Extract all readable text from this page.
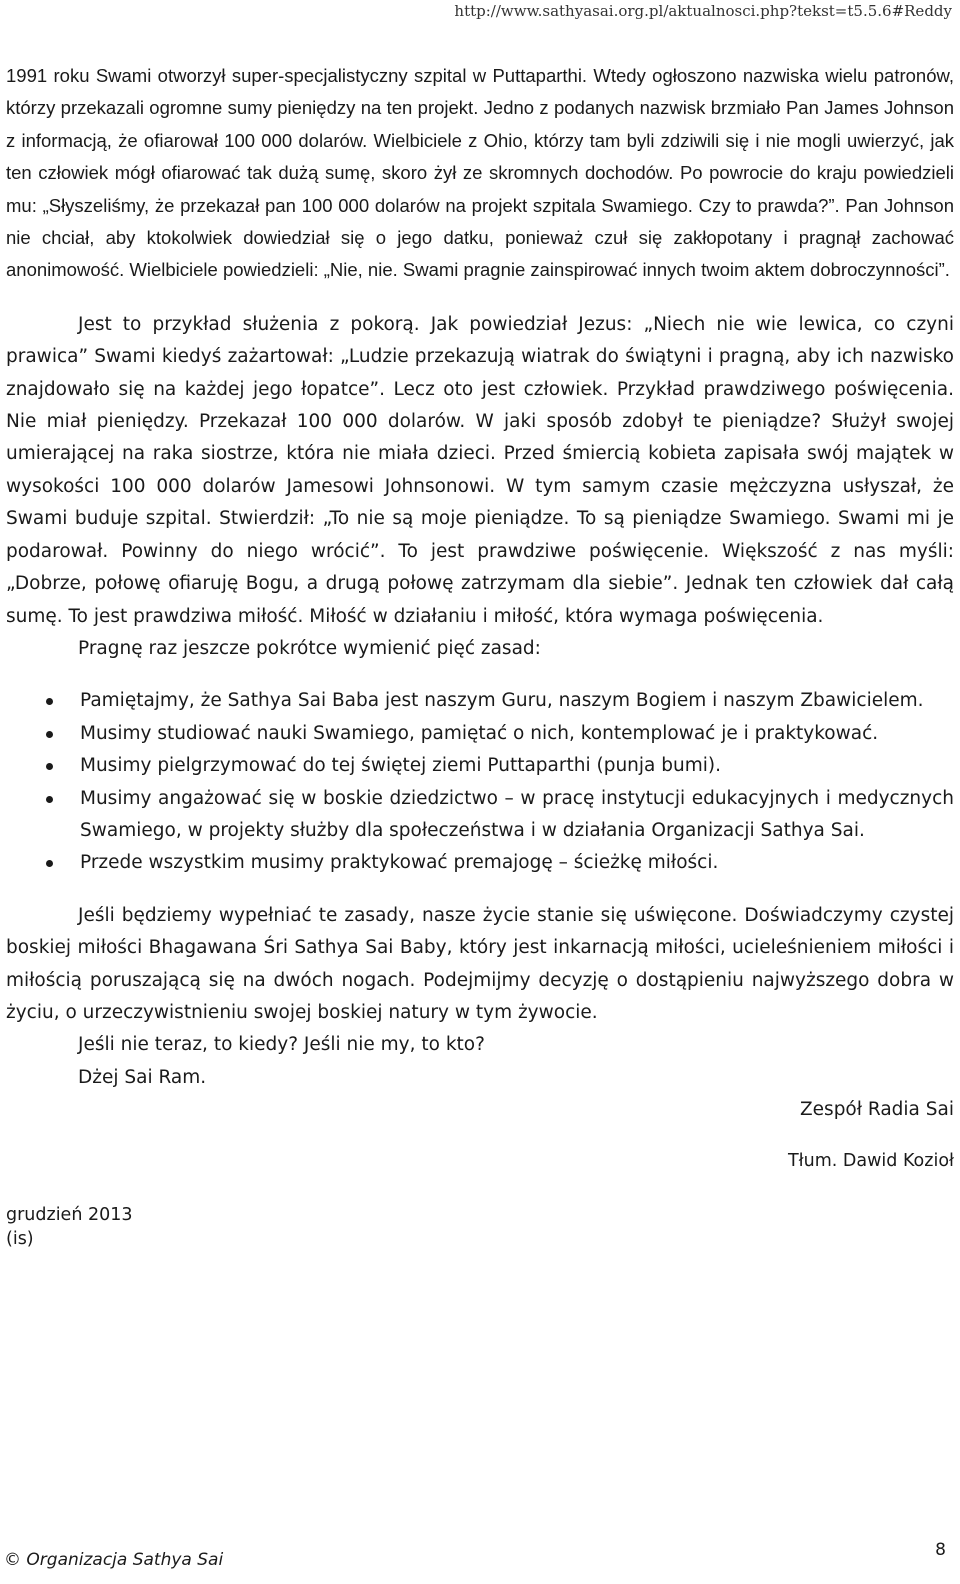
http://www.sathyasai.org.pl/aktualnosci.php?tekst=t5.5.6#Reddy

1991 roku Swami otworzył super-specjalistyczny szpital w Puttaparthi. Wtedy ogłoszono nazwiska wielu patronów, którzy przekazali ogromne sumy pieniędzy na ten projekt. Jedno z podanych nazwisk brzmiało Pan James Johnson z informacją, że ofiarował 100 000 dolarów. Wielbiciele z Ohio, którzy tam byli zdziwili się i nie mogli uwierzyć, jak ten człowiek mógł ofiarować tak dużą sumę, skoro żył ze skromnych dochodów. Po powrocie do kraju powiedzieli mu: „Słyszeliśmy, że przekazał pan 100 000 dolarów na projekt szpitala Swamiego. Czy to prawda?”. Pan Johnson nie chciał, aby ktokolwiek dowiedział się o jego datku, ponieważ czuł się zakłopotany i pragnął zachować anonimowość. Wielbiciele powiedzieli: „Nie, nie. Swami pragnie zainspirować innych twoim aktem dobroczynności”.

Jest to przykład służenia z pokorą. Jak powiedział Jezus: „Niech nie wie lewica, co czyni prawica” Swami kiedyś zażartował: „Ludzie przekazują wiatrak do świątyni i pragną, aby ich nazwisko znajdowało się na każdej jego łopatce”. Lecz oto jest człowiek. Przykład prawdziwego poświęcenia. Nie miał pieniędzy. Przekazał 100 000 dolarów. W jaki sposób zdobył te pieniądze? Służył swojej umierającej na raka siostrze, która nie miała dzieci. Przed śmiercią kobieta zapisała swój majątek w wysokości 100 000 dolarów Jamesowi Johnsonowi. W tym samym czasie mężczyzna usłyszał, że Swami buduje szpital. Stwierdził: „To nie są moje pieniądze. To są pieniądze Swamiego. Swami mi je podarował. Powinny do niego wrócić”. To jest prawdziwe poświęcenie. Większość z nas myśli: „Dobrze, połowę ofiaruję Bogu, a drugą połowę zatrzymam dla siebie”. Jednak ten człowiek dał całą sumę. To jest prawdziwa miłość. Miłość w działaniu i miłość, która wymaga poświęcenia.

Pragnę raz jeszcze pokrótce wymienić pięć zasad:

Pamiętajmy, że Sathya Sai Baba jest naszym Guru, naszym Bogiem i naszym Zbawicielem.
Musimy studiować nauki Swamiego, pamiętać o nich, kontemplować je i praktykować.
Musimy pielgrzymować do tej świętej ziemi Puttaparthi (punja bumi).
Musimy angażować się w boskie dziedzictwo – w pracę instytucji edukacyjnych i medycznych Swamiego, w projekty służby dla społeczeństwa i w działania Organizacji Sathya Sai.
Przede wszystkim musimy praktykować premajogę – ścieżkę miłości.

Jeśli będziemy wypełniać te zasady, nasze życie stanie się uświęcone. Doświadczymy czystej boskiej miłości Bhagawana Śri Sathya Sai Baby, który jest inkarnacją miłości, ucieleśnieniem miłości i miłością poruszającą się na dwóch nogach. Podejmijmy decyzję o dostąpieniu najwyższego dobra w życiu, o urzeczywistnieniu swojej boskiej natury w tym żywocie.

Jeśli nie teraz, to kiedy? Jeśli nie my, to kto?

Dżej Sai Ram.

Zespół Radia Sai

Tłum. Dawid Kozioł

grudzień 2013

(is)

8
© Organizacja Sathya Sai
